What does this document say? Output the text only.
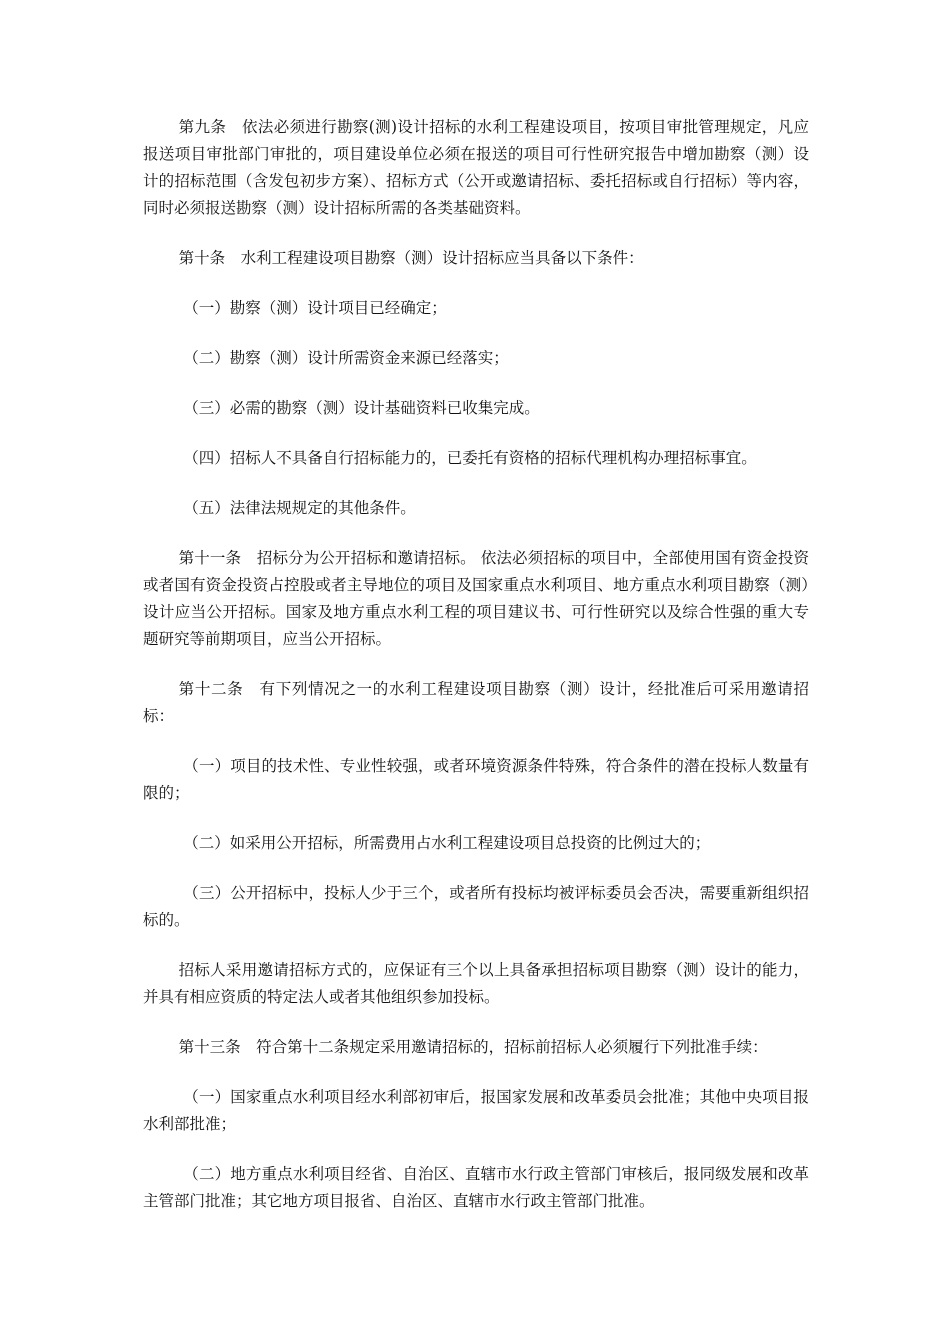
第九条　依法必须进行勘察(测)设计招标的水利工程建设项目，按项目审批管理规定，凡应报送项目审批部门审批的，项目建设单位必须在报送的项目可行性研究报告中增加勘察（测）设计的招标范围（含发包初步方案）、招标方式（公开或邀请招标、委托招标或自行招标）等内容，同时必须报送勘察（测）设计招标所需的各类基础资料。

第十条　水利工程建设项目勘察（测）设计招标应当具备以下条件：

（一）勘察（测）设计项目已经确定；

（二）勘察（测）设计所需资金来源已经落实；

（三）必需的勘察（测）设计基础资料已收集完成。

（四）招标人不具备自行招标能力的，已委托有资格的招标代理机构办理招标事宜。

（五）法律法规规定的其他条件。

第十一条　招标分为公开招标和邀请招标。 依法必须招标的项目中，全部使用国有资金投资或者国有资金投资占控股或者主导地位的项目及国家重点水利项目、地方重点水利项目勘察（测）设计应当公开招标。国家及地方重点水利工程的项目建议书、可行性研究以及综合性强的重大专题研究等前期项目，应当公开招标。

第十二条　有下列情况之一的水利工程建设项目勘察（测）设计，经批准后可采用邀请招标：

（一）项目的技术性、专业性较强，或者环境资源条件特殊，符合条件的潜在投标人数量有限的；

（二）如采用公开招标，所需费用占水利工程建设项目总投资的比例过大的；

（三）公开招标中，投标人少于三个，或者所有投标均被评标委员会否决，需要重新组织招标的。

招标人采用邀请招标方式的，应保证有三个以上具备承担招标项目勘察（测）设计的能力，并具有相应资质的特定法人或者其他组织参加投标。

第十三条　符合第十二条规定采用邀请招标的，招标前招标人必须履行下列批准手续：

（一）国家重点水利项目经水利部初审后，报国家发展和改革委员会批准；其他中央项目报水利部批准；

（二）地方重点水利项目经省、自治区、直辖市水行政主管部门审核后，报同级发展和改革主管部门批准；其它地方项目报省、自治区、直辖市水行政主管部门批准。
